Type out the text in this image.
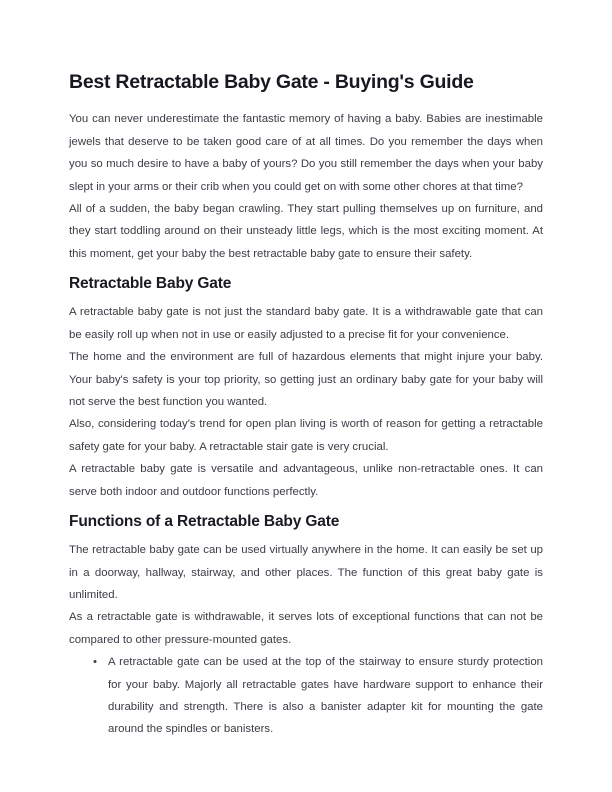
Best Retractable Baby Gate - Buying's Guide

You can never underestimate the fantastic memory of having a baby. Babies are inestimable jewels that deserve to be taken good care of at all times. Do you remember the days when you so much desire to have a baby of yours? Do you still remember the days when your baby slept in your arms or their crib when you could get on with some other chores at that time?

All of a sudden, the baby began crawling. They start pulling themselves up on furniture, and they start toddling around on their unsteady little legs, which is the most exciting moment. At this moment, get your baby the best retractable baby gate to ensure their safety.

Retractable Baby Gate

A retractable baby gate is not just the standard baby gate. It is a withdrawable gate that can be easily roll up when not in use or easily adjusted to a precise fit for your convenience.

The home and the environment are full of hazardous elements that might injure your baby. Your baby's safety is your top priority, so getting just an ordinary baby gate for your baby will not serve the best function you wanted.

Also, considering today's trend for open plan living is worth of reason for getting a retractable safety gate for your baby. A retractable stair gate is very crucial.

A retractable baby gate is versatile and advantageous, unlike non-retractable ones. It can serve both indoor and outdoor functions perfectly.

Functions of a Retractable Baby Gate

The retractable baby gate can be used virtually anywhere in the home. It can easily be set up in a doorway, hallway, stairway, and other places. The function of this great baby gate is unlimited.

As a retractable gate is withdrawable, it serves lots of exceptional functions that can not be compared to other pressure-mounted gates.

• A retractable gate can be used at the top of the stairway to ensure sturdy protection for your baby. Majorly all retractable gates have hardware support to enhance their durability and strength. There is also a banister adapter kit for mounting the gate around the spindles or banisters.
